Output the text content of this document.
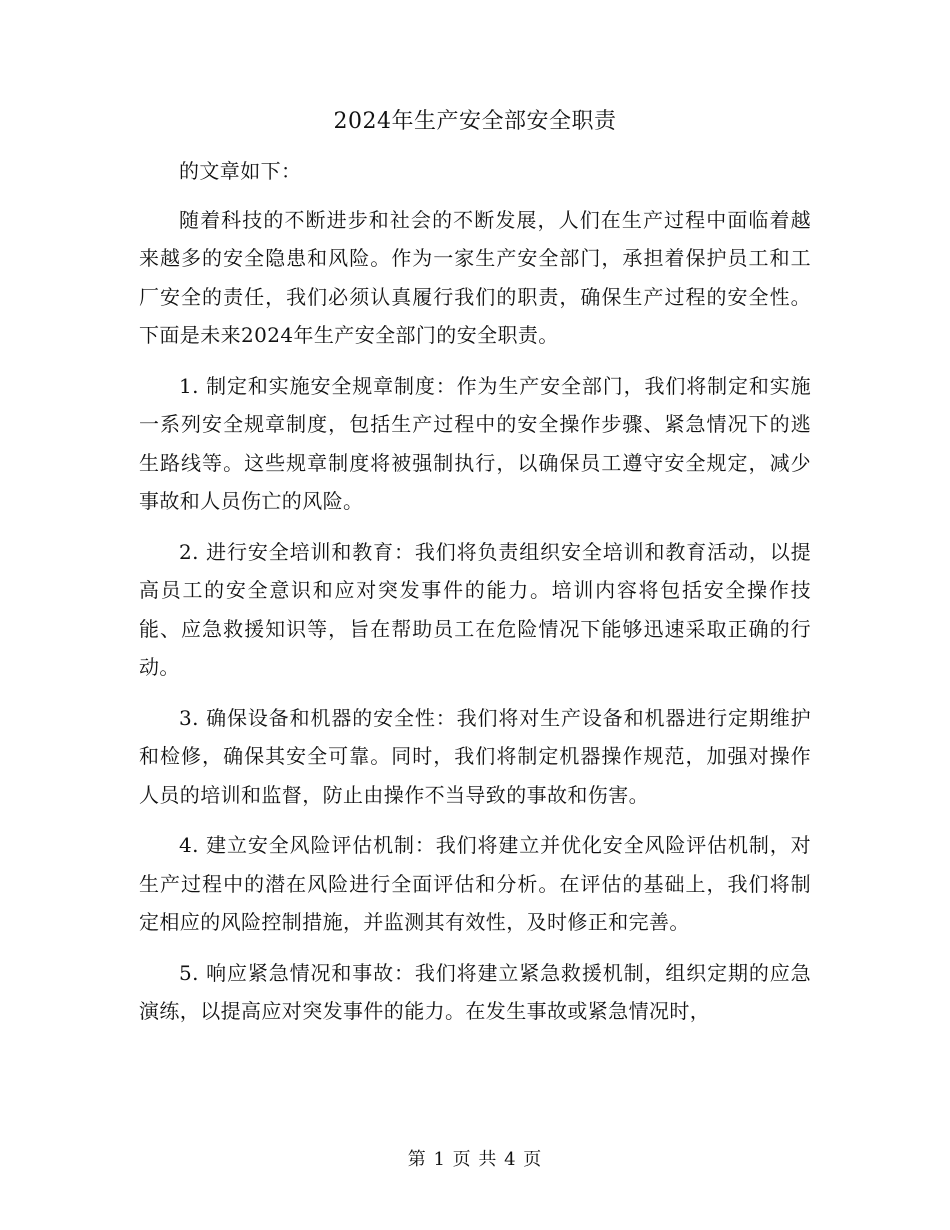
2024年生产安全部安全职责

的文章如下：

随着科技的不断进步和社会的不断发展，人们在生产过程中面临着越来越多的安全隐患和风险。作为一家生产安全部门，承担着保护员工和工厂安全的责任，我们必须认真履行我们的职责，确保生产过程的安全性。下面是未来2024年生产安全部门的安全职责。

1. 制定和实施安全规章制度：作为生产安全部门，我们将制定和实施一系列安全规章制度，包括生产过程中的安全操作步骤、紧急情况下的逃生路线等。这些规章制度将被强制执行，以确保员工遵守安全规定，减少事故和人员伤亡的风险。

2. 进行安全培训和教育：我们将负责组织安全培训和教育活动，以提高员工的安全意识和应对突发事件的能力。培训内容将包括安全操作技能、应急救援知识等，旨在帮助员工在危险情况下能够迅速采取正确的行动。

3. 确保设备和机器的安全性：我们将对生产设备和机器进行定期维护和检修，确保其安全可靠。同时，我们将制定机器操作规范，加强对操作人员的培训和监督，防止由操作不当导致的事故和伤害。

4. 建立安全风险评估机制：我们将建立并优化安全风险评估机制，对生产过程中的潜在风险进行全面评估和分析。在评估的基础上，我们将制定相应的风险控制措施，并监测其有效性，及时修正和完善。

5. 响应紧急情况和事故：我们将建立紧急救援机制，组织定期的应急演练，以提高应对突发事件的能力。在发生事故或紧急情况时，

第 1 页 共 4 页
